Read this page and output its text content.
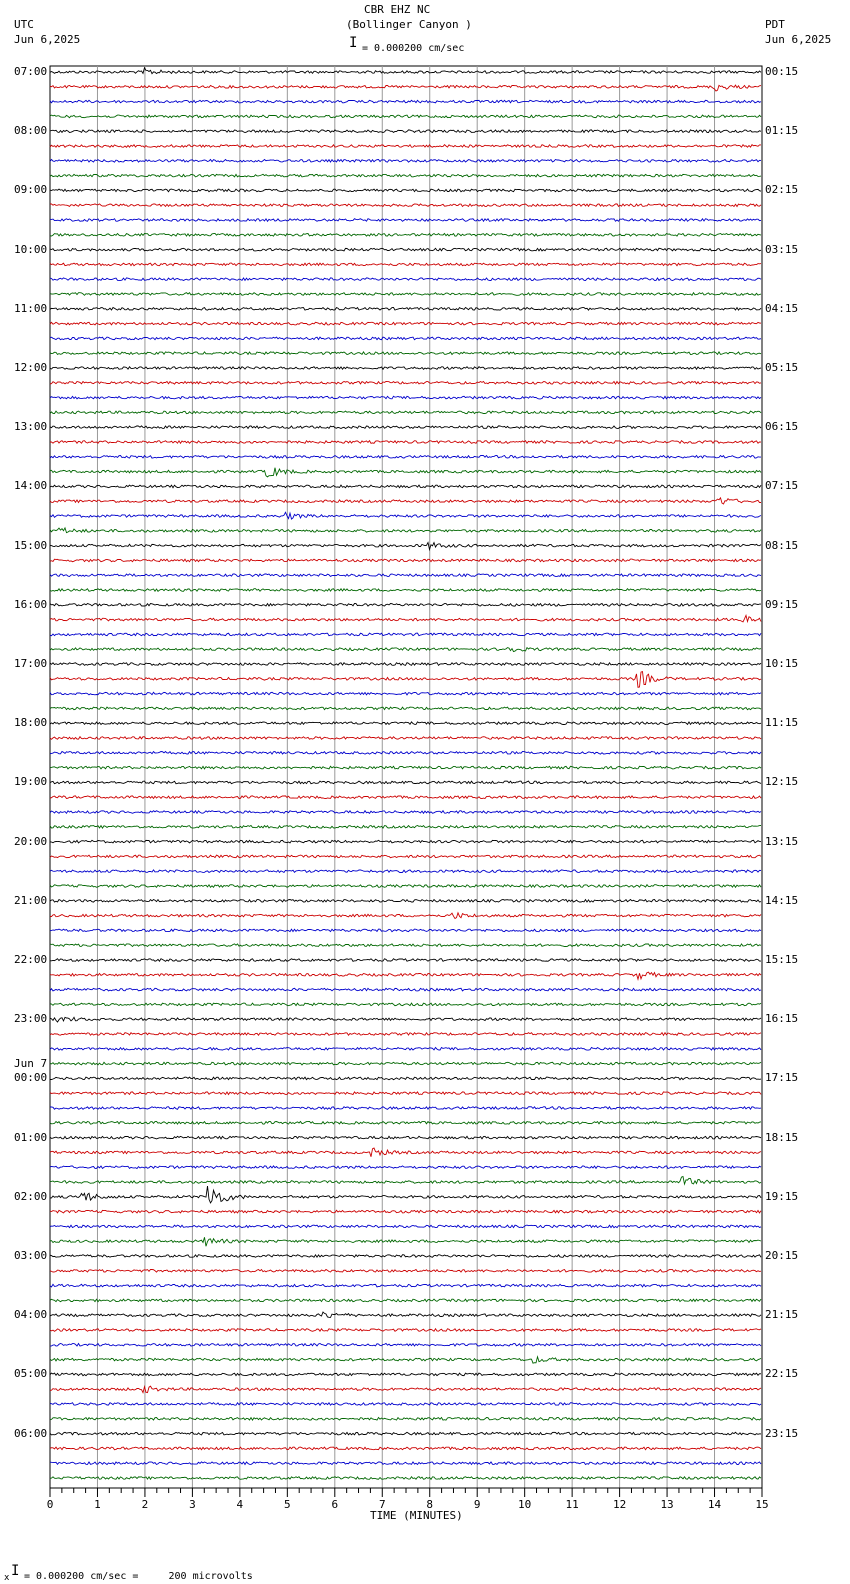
0	1	2	3	4	5	6	7	8	9	10	11	12	13	14	15
CBR EHZ NC
(Bollinger Canyon )
I = 0.000200 cm/sec
UTC
Jun 6,2025
PDT
Jun 6,2025
07:00
08:00
09:00
10:00
11:00
12:00
13:00
14:00
15:00
16:00
17:00
18:00
19:00
20:00
21:00
22:00
23:00
00:00
Jun 7
01:00
02:00
03:00
04:00
05:00
06:00
00:15
01:15
02:15
03:15
04:15
05:15
06:15
07:15
08:15
09:15
10:15
11:15
12:15
13:15
14:15
15:15
16:15
17:15
18:15
19:15
20:15
21:15
22:15
23:15
TIME (MINUTES)
x I = 0.000200 cm/sec =     200 microvolts
